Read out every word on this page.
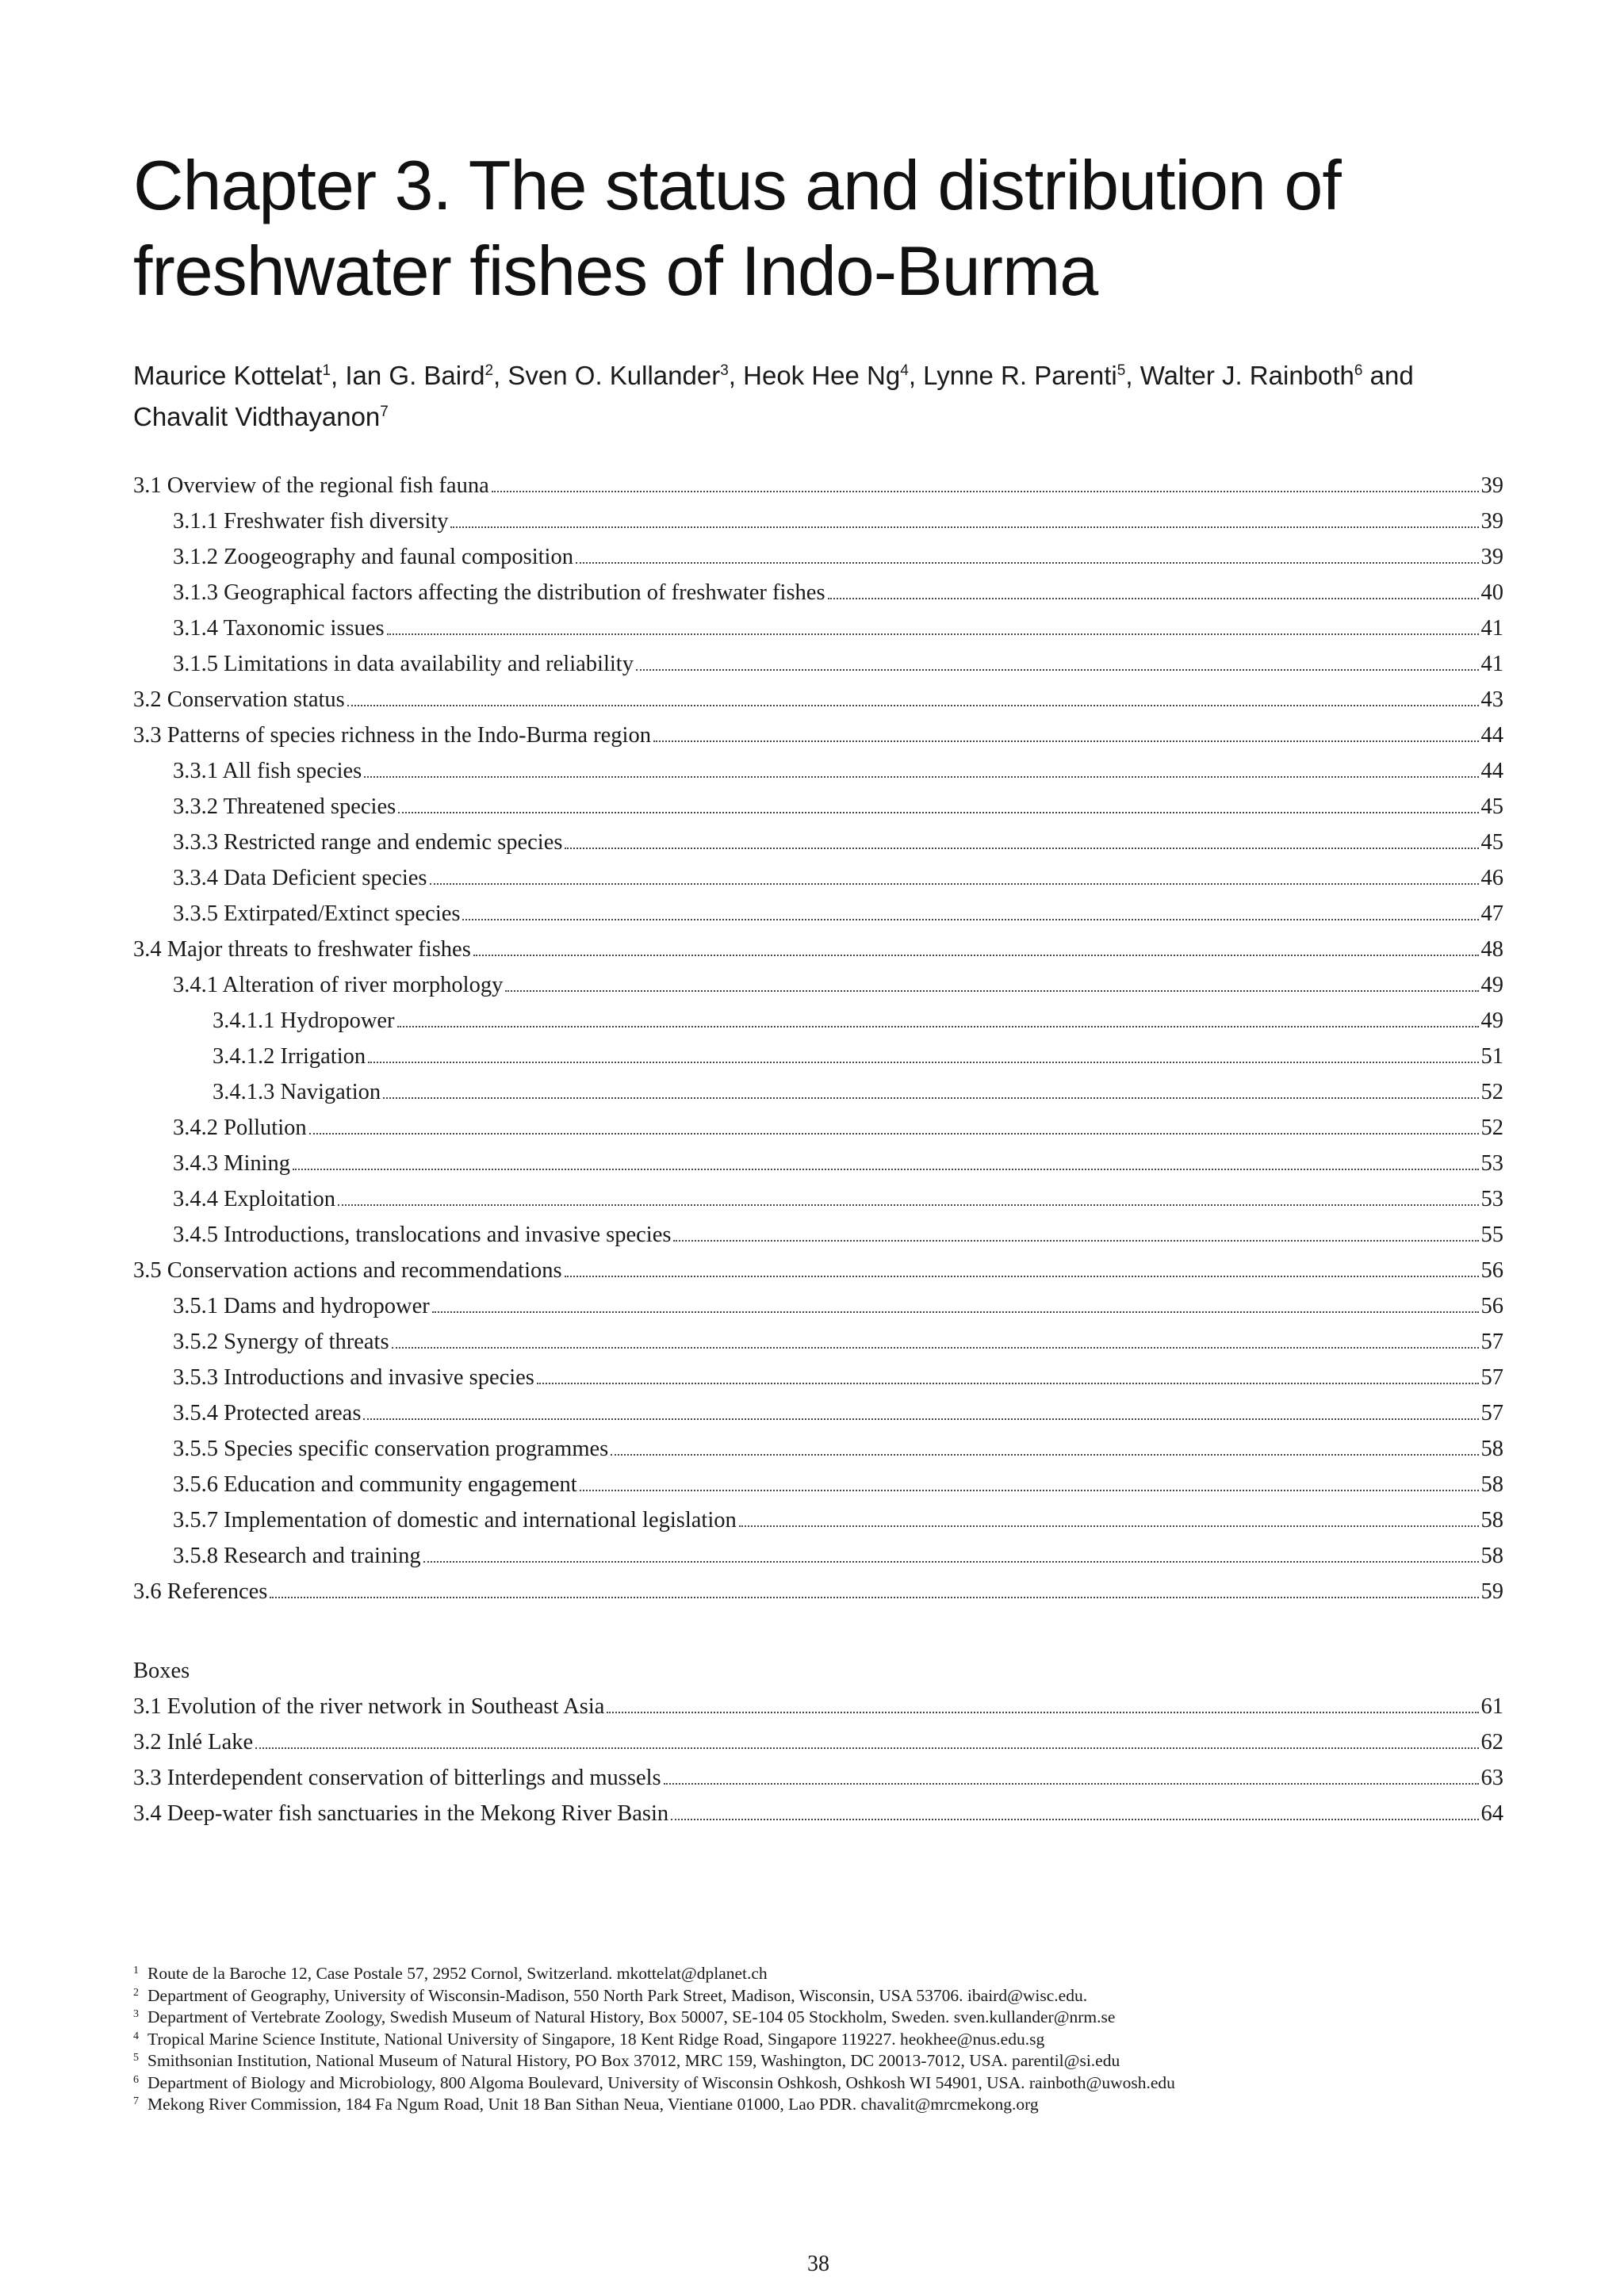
Chapter 3. The status and distribution of
freshwater fishes of Indo-Burma
Maurice Kottelat$^1$, Ian G. Baird$^2$, Sven O. Kullander$^3$, Heok Hee Ng$^4$, Lynne R. Parenti$^5$, Walter J. Rainboth$^6$ and Chavalit Vidthayanon$^7$
3.1 Overview of the regional fish fauna	39
3.1.1 Freshwater fish diversity	39
3.1.2 Zoogeography and faunal composition	39
3.1.3 Geographical factors affecting the distribution of freshwater fishes	40
3.1.4 Taxonomic issues	41
3.1.5 Limitations in data availability and reliability	41
3.2 Conservation status	43
3.3 Patterns of species richness in the Indo-Burma region	44
3.3.1 All fish species	44
3.3.2 Threatened species	45
3.3.3 Restricted range and endemic species	45
3.3.4 Data Deficient species	46
3.3.5 Extirpated/Extinct species	47
3.4 Major threats to freshwater fishes	48
3.4.1 Alteration of river morphology	49
3.4.1.1 Hydropower	49
3.4.1.2 Irrigation	51
3.4.1.3 Navigation	52
3.4.2 Pollution	52
3.4.3 Mining	53
3.4.4 Exploitation	53
3.4.5 Introductions, translocations and invasive species	55
3.5 Conservation actions and recommendations	56
3.5.1 Dams and hydropower	56
3.5.2 Synergy of threats	57
3.5.3 Introductions and invasive species	57
3.5.4 Protected areas	57
3.5.5 Species specific conservation programmes	58
3.5.6 Education and community engagement	58
3.5.7 Implementation of domestic and international legislation	58
3.5.8 Research and training	58
3.6 References	59
Boxes
3.1 Evolution of the river network in Southeast Asia	61
3.2 Inlé Lake	62
3.3 Interdependent conservation of bitterlings and mussels	63
3.4 Deep-water fish sanctuaries in the Mekong River Basin	64
1 Route de la Baroche 12, Case Postale 57, 2952 Cornol, Switzerland. mkottelat@dplanet.ch
2 Department of Geography, University of Wisconsin-Madison, 550 North Park Street, Madison, Wisconsin, USA 53706. ibaird@wisc.edu.
3 Department of Vertebrate Zoology, Swedish Museum of Natural History, Box 50007, SE-104 05 Stockholm, Sweden. sven.kullander@nrm.se
4 Tropical Marine Science Institute, National University of Singapore, 18 Kent Ridge Road, Singapore 119227. heokhee@nus.edu.sg
5 Smithsonian Institution, National Museum of Natural History, PO Box 37012, MRC 159, Washington, DC 20013-7012, USA. parentil@si.edu
6 Department of Biology and Microbiology, 800 Algoma Boulevard, University of Wisconsin Oshkosh, Oshkosh WI 54901, USA. rainboth@uwosh.edu
7 Mekong River Commission, 184 Fa Ngum Road, Unit 18 Ban Sithan Neua, Vientiane 01000, Lao PDR. chavalit@mrcmekong.org
38
